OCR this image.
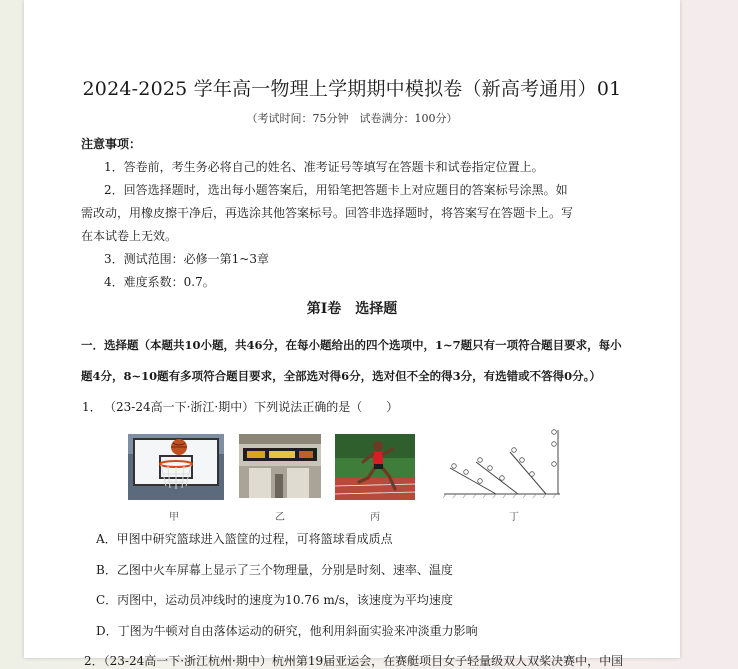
2024-2025 学年高一物理上学期期中模拟卷（新高考通用）01
（考试时间：75分钟　试卷满分：100分）
注意事项：
1．答卷前，考生务必将自己的姓名、准考证号等填写在答题卡和试卷指定位置上。
2．回答选择题时，选出每小题答案后，用铅笔把答题卡上对应题目的答案标号涂黑。如
需改动，用橡皮擦干净后，再选涂其他答案标号。回答非选择题时，将答案写在答题卡上。写
在本试卷上无效。
3．测试范围：必修一第1~3章
4．难度系数：0.7。
第Ⅰ卷　选择题
一．选择题（本题共10小题，共46分，在每小题给出的四个选项中，1~7题只有一项符合题目要求，每小
题4分，8~10题有多项符合题目要求，全部选对得6分，选对但不全的得3分，有选错或不答得0分。）
1． （23-24高一下·浙江·期中）下列说法正确的是（　　）
甲	乙	丙	丁
A．甲图中研究篮球进入篮筐的过程，可将篮球看成质点
B．乙图中火车屏幕上显示了三个物理量，分别是时刻、速率、温度
C．丙图中，运动员冲线时的速度为10.76 m/s，该速度为平均速度
D．丁图为牛顿对自由落体运动的研究，他利用斜面实验来冲淡重力影响
2．（23-24高一下·浙江杭州·期中）杭州第19届亚运会，在赛艇项目女子轻量级双人双桨决赛中，中国
